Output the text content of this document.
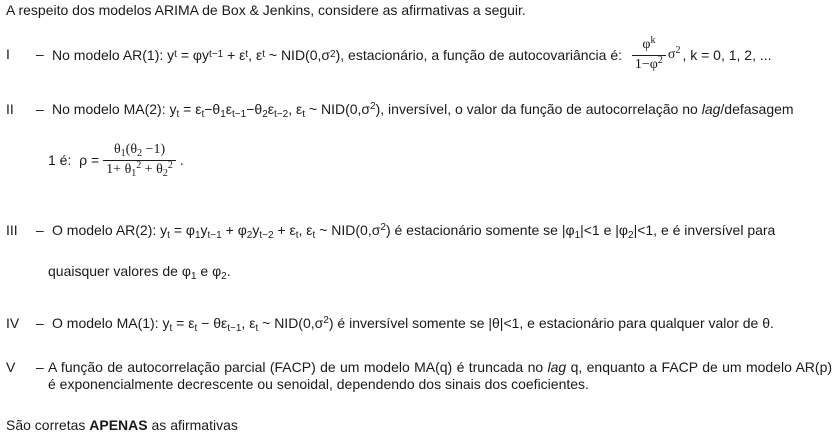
A respeito dos modelos ARIMA de Box & Jenkins, considere as afirmativas a seguir.
I – No modelo AR(1): y t = φy t−1 + ε t , ε t ~ NID(0,σ 2 ) , estacionário, a função de autocovariância é:
$\frac{\varphi^k}{1-\varphi^2} \sigma^2$ , k = 0, 1, 2, ...
II – No modelo MA(2): $y_t = \varepsilon_t-\theta_1\varepsilon_{t-1}-\theta_2\varepsilon_{t-2}$, $\varepsilon_t$ ~ $NID(0,\sigma^2)$, inversível, o valor da função de autocorrelação no lag/defasagem
1 é: $\rho = \frac{\theta_1(\theta_2 -1)}{1+ \theta_1^2 + \theta_2^2}$ .
III – O modelo AR(2): $y_t = \varphi_1y_{t-1} + \varphi_2y_{t-2} + \varepsilon_t$, $\varepsilon_t$ ~ $NID(0,\sigma^2)$ é estacionário somente se $|\varphi_1|<1$ e $|\varphi_2|<1$, e é inversível para
quaisquer valores de $\varphi_1$ e $\varphi_2$.
IV – O modelo MA(1): $y_t = \varepsilon_t - \theta\varepsilon_{t-1}$, $\varepsilon_t$ ~ $NID(0,\sigma^2)$ é inversível somente se |θ|<1, e estacionário para qualquer valor de θ.
V – A função de autocorrelação parcial (FACP) de um modelo MA(q) é truncada no lag q, enquanto a FACP de um modelo AR(p) é exponencialmente decrescente ou senoidal, dependendo dos sinais dos coeficientes.
São corretas APENAS as afirmativas
